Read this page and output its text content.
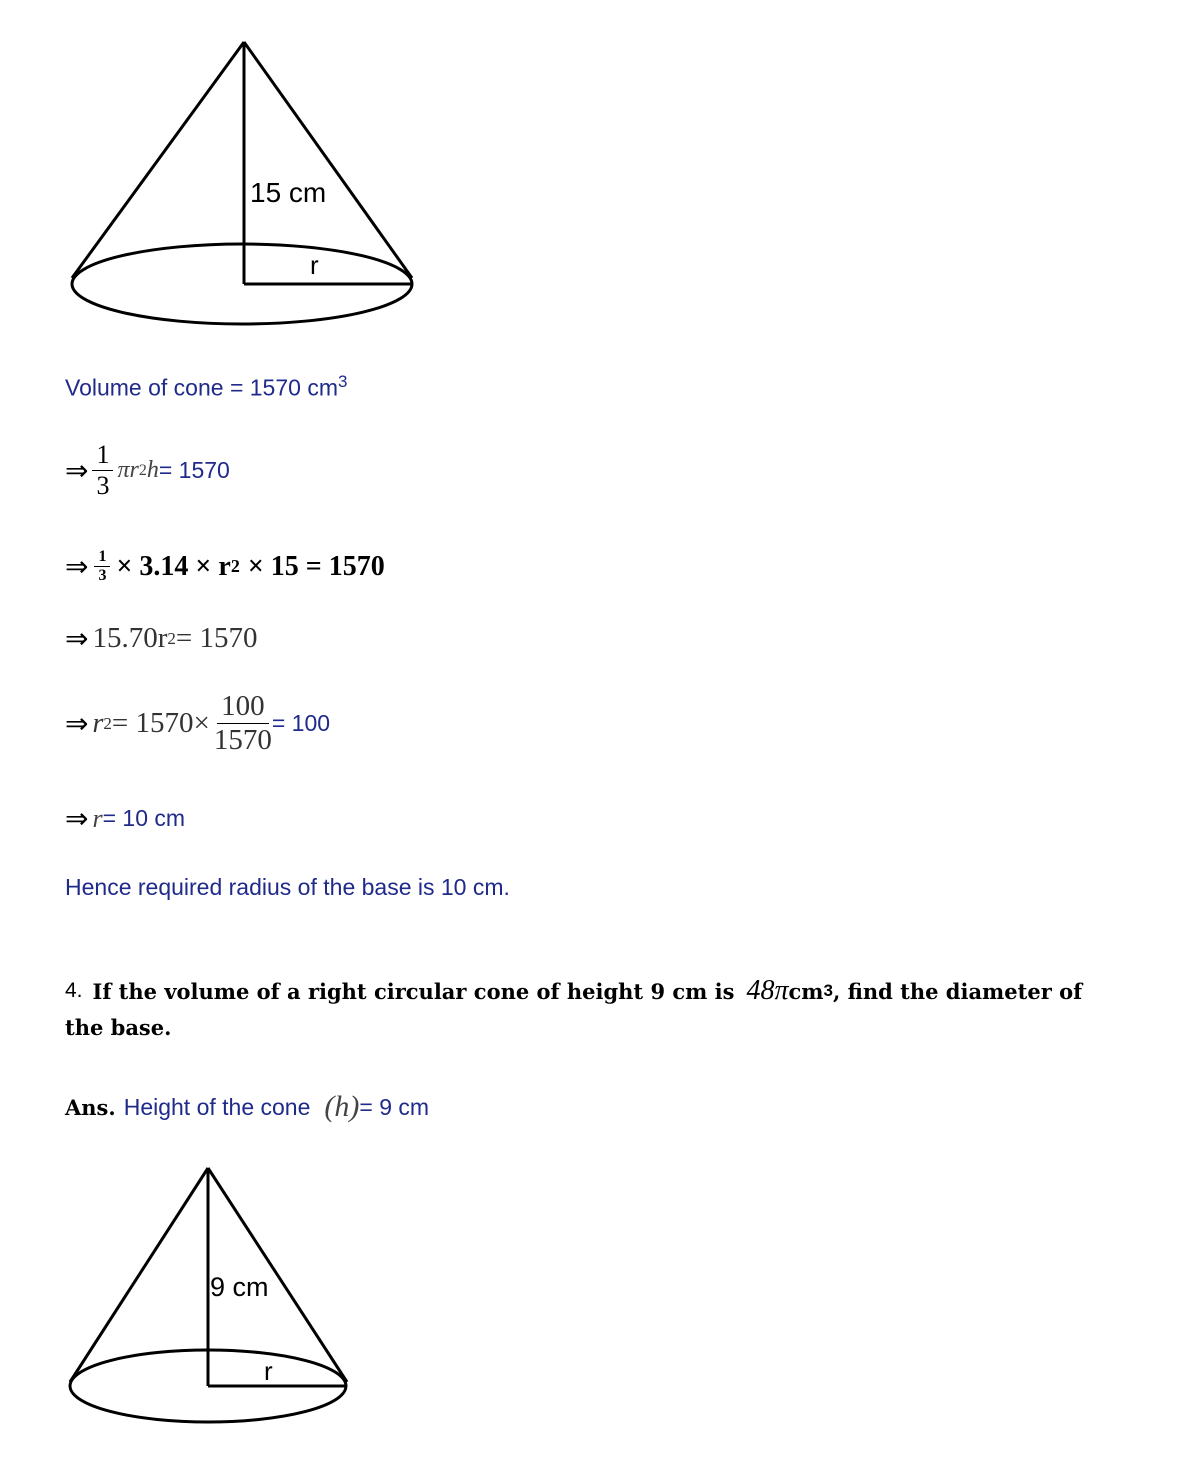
15 cm
r
Volume of cone = 1570 $cm^3$
⇒ $\frac{1}{3}$ πr 2 h = 1570
⇒ $\frac{1}{3} \times 3.14 \times r$ 2 × 15 = 1570
⇒ 15.70r 2 = 1570
⇒ r $2 = 1570\times \frac{100}{1570} = 100$
⇒ r = 10 cm
Hence required radius of the base is 10 cm.
4. If the volume of a right circular cone of height 9 cm is 48π cm 3 , find the diameter of
the base.
Ans. Height of the cone (h) = 9 cm
9 cm
r
